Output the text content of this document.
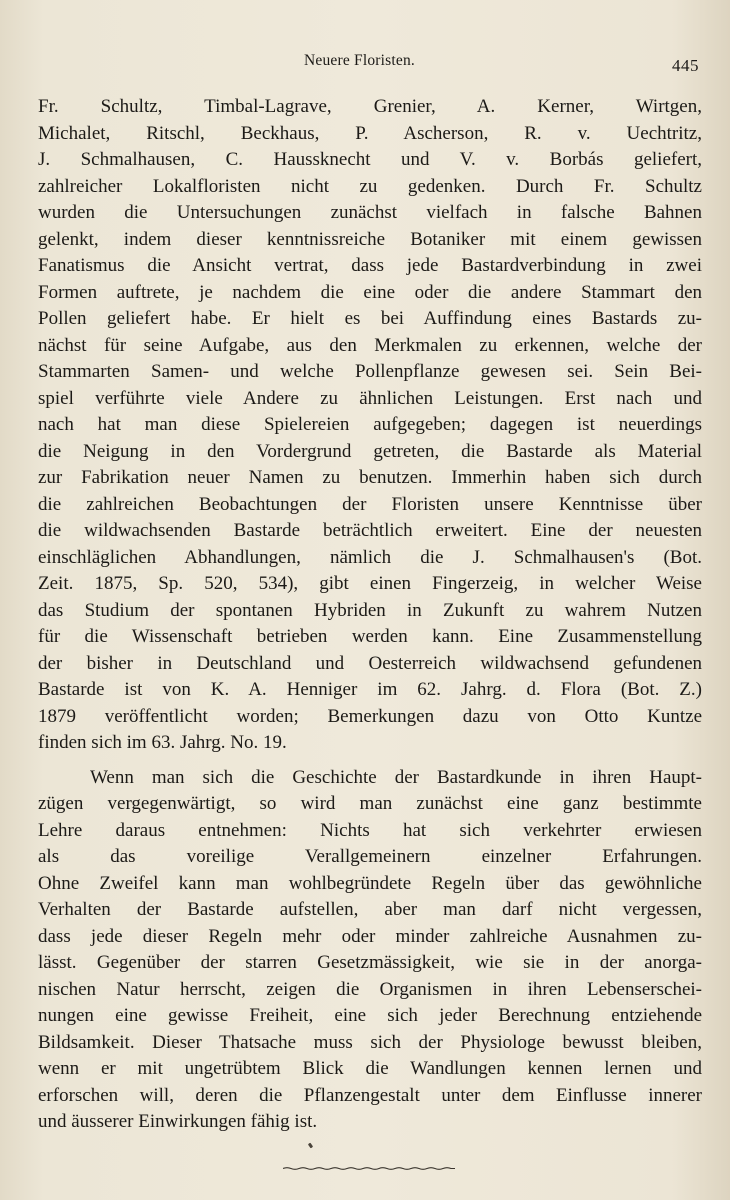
Neuere Floristen.	445
Fr. Schultz, Timbal-Lagrave, Grenier, A. Kerner, Wirtgen,
Michalet, Ritschl, Beckhaus, P. Ascherson, R. v. Uechtritz,
J. Schmalhausen, C. Haussknecht und V. v. Borbás geliefert,
zahlreicher Lokalfloristen nicht zu gedenken. Durch Fr. Schultz
wurden die Untersuchungen zunächst vielfach in falsche Bahnen
gelenkt, indem dieser kenntnissreiche Botaniker mit einem gewissen
Fanatismus die Ansicht vertrat, dass jede Bastardverbindung in zwei
Formen auftrete, je nachdem die eine oder die andere Stammart den
Pollen geliefert habe. Er hielt es bei Auffindung eines Bastards zu-
nächst für seine Aufgabe, aus den Merkmalen zu erkennen, welche der
Stammarten Samen- und welche Pollenpflanze gewesen sei. Sein Bei-
spiel verführte viele Andere zu ähnlichen Leistungen. Erst nach und
nach hat man diese Spielereien aufgegeben; dagegen ist neuerdings
die Neigung in den Vordergrund getreten, die Bastarde als Material
zur Fabrikation neuer Namen zu benutzen. Immerhin haben sich durch
die zahlreichen Beobachtungen der Floristen unsere Kenntnisse über
die wildwachsenden Bastarde beträchtlich erweitert. Eine der neuesten
einschläglichen Abhandlungen, nämlich die J. Schmalhausen's (Bot.
Zeit. 1875, Sp. 520, 534), gibt einen Fingerzeig, in welcher Weise
das Studium der spontanen Hybriden in Zukunft zu wahrem Nutzen
für die Wissenschaft betrieben werden kann. Eine Zusammenstellung
der bisher in Deutschland und Oesterreich wildwachsend gefundenen
Bastarde ist von K. A. Henniger im 62. Jahrg. d. Flora (Bot. Z.)
1879 veröffentlicht worden; Bemerkungen dazu von Otto Kuntze
finden sich im 63. Jahrg. No. 19.
Wenn man sich die Geschichte der Bastardkunde in ihren Haupt-
zügen vergegenwärtigt, so wird man zunächst eine ganz bestimmte
Lehre daraus entnehmen: Nichts hat sich verkehrter erwiesen
als das voreilige Verallgemeinern einzelner Erfahrungen.
Ohne Zweifel kann man wohlbegründete Regeln über das gewöhnliche
Verhalten der Bastarde aufstellen, aber man darf nicht vergessen,
dass jede dieser Regeln mehr oder minder zahlreiche Ausnahmen zu-
lässt. Gegenüber der starren Gesetzmässigkeit, wie sie in der anorga-
nischen Natur herrscht, zeigen die Organismen in ihren Lebenserschei-
nungen eine gewisse Freiheit, eine sich jeder Berechnung entziehende
Bildsamkeit. Dieser Thatsache muss sich der Physiologe bewusst bleiben,
wenn er mit ungetrübtem Blick die Wandlungen kennen lernen und
erforschen will, deren die Pflanzengestalt unter dem Einflusse innerer
und äusserer Einwirkungen fähig ist.
